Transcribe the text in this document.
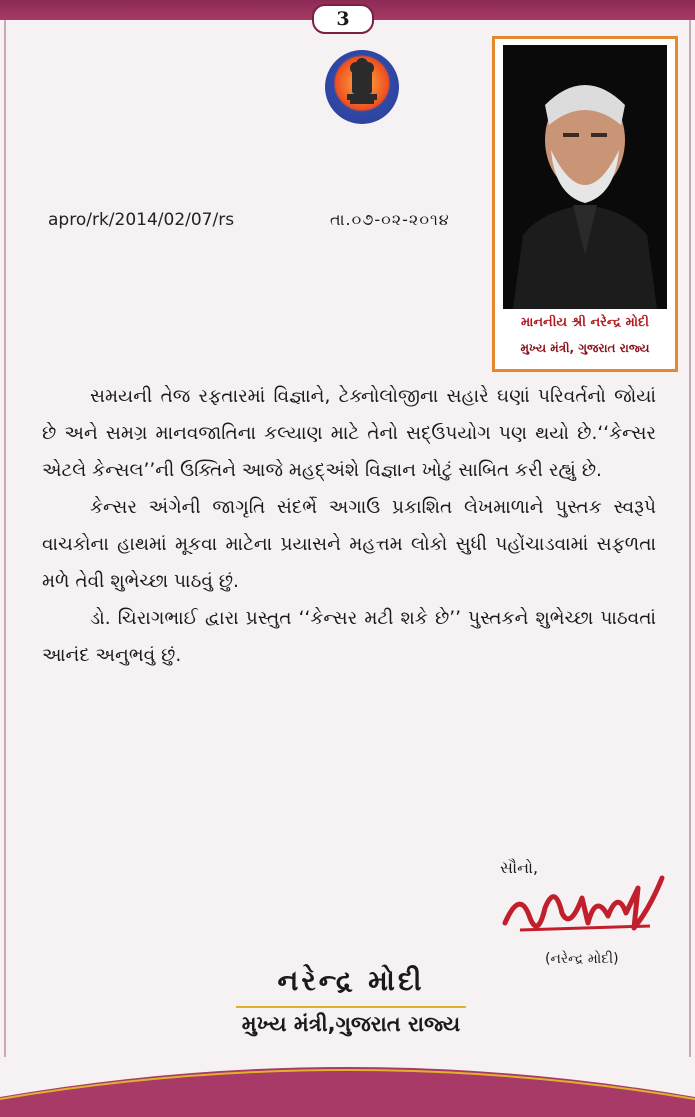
3
apro/rk/2014/02/07/rs	તા.૦૭-૦૨-૨૦૧૪
માનનીય શ્રી નરેન્દ્ર મોદી
મુખ્ય મંત્રી, ગુજરાત રાજ્ય

સમયની તેજ રફતારમાં વિજ્ઞાને, ટેક્નોલોજીના સહારે ઘણાં પરિવર્તનો જોયાં છે અને સમગ્ર માનવજાતિના કલ્યાણ માટે તેનો સદ્ઉપયોગ પણ થયો છે.‘‘કેન્સર એટલે કેન્સલ’’ની ઉક્તિને આજે મહદ્અંશે વિજ્ઞાન ખોટું સાબિત કરી રહ્યું છે.

કેન્સર અંગેની જાગૃતિ સંદર્ભે અગાઉ પ્રકાશિત લેખમાળાને પુસ્તક સ્વરૂપે વાચકોના હાથમાં મૂકવા માટેના પ્રયાસને મહત્તમ લોકો સુધી પહોંચાડવામાં સફળતા મળે તેવી શુભેચ્છા પાઠવું છું.

ડો. ચિરાગભાઈ દ્વારા પ્રસ્તુત ‘‘કેન્સર મટી શકે છે’’ પુસ્તકને શુભેચ્છા પાઠવતાં આનંદ અનુભવું છું.

સૌનો,
(નરેન્દ્ર મોદી)
નરેન્દ્ર મોદી
મુખ્ય મંત્રી,ગુજરાત રાજ્ય
